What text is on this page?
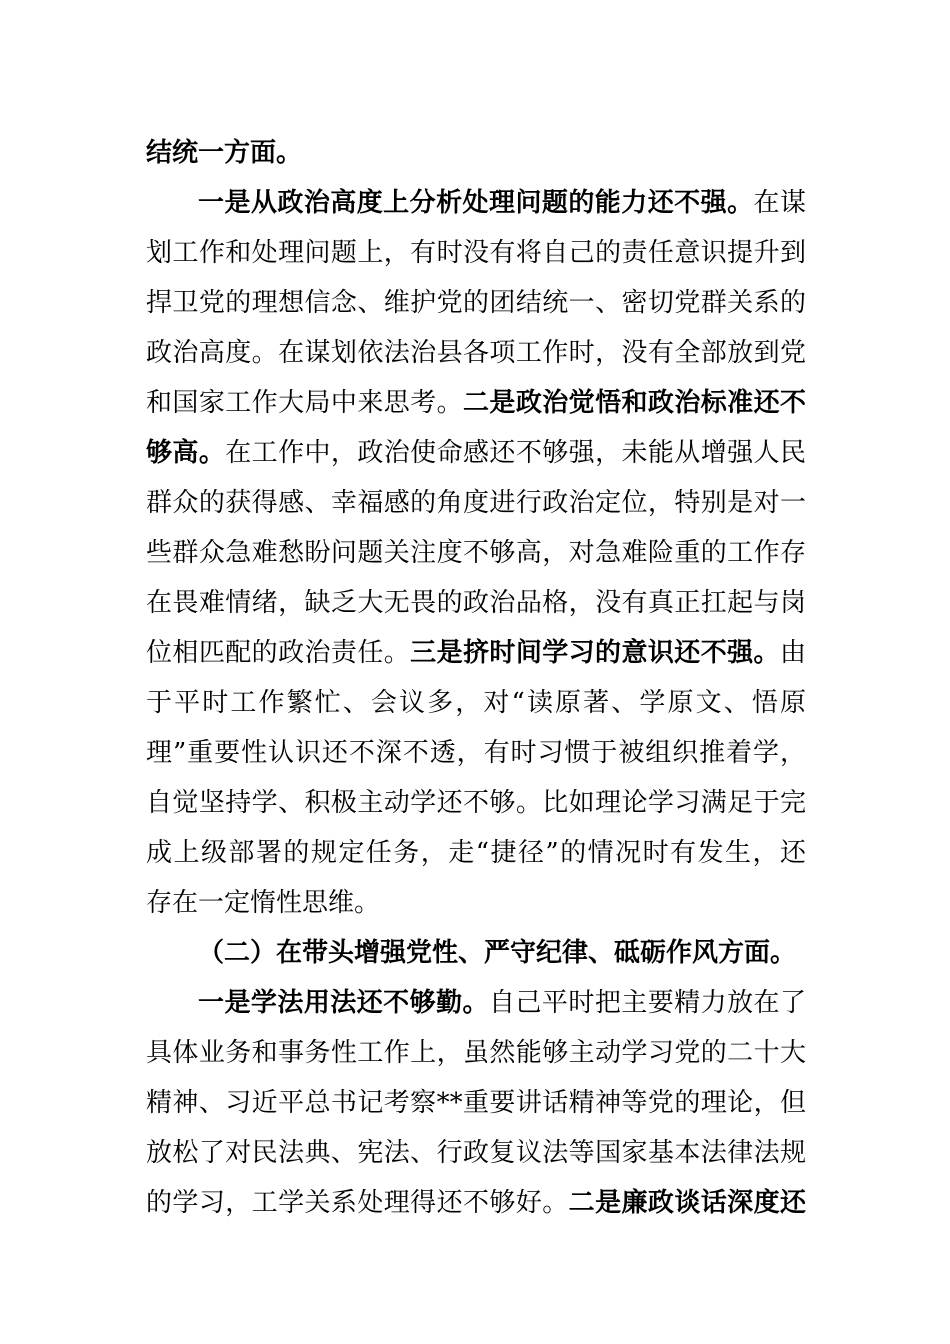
结统一方面。
一是从政治高度上分析处理问题的能力还不强。在谋
划工作和处理问题上，有时没有将自己的责任意识提升到
捍卫党的理想信念、维护党的团结统一、密切党群关系的
政治高度。在谋划依法治县各项工作时，没有全部放到党
和国家工作大局中来思考。二是政治觉悟和政治标准还不
够高。在工作中，政治使命感还不够强，未能从增强人民
群众的获得感、幸福感的角度进行政治定位，特别是对一
些群众急难愁盼问题关注度不够高，对急难险重的工作存
在畏难情绪，缺乏大无畏的政治品格，没有真正扛起与岗
位相匹配的政治责任。三是挤时间学习的意识还不强。由
于平时工作繁忙、会议多，对“读原著、学原文、悟原
理”重要性认识还不深不透，有时习惯于被组织推着学，
自觉坚持学、积极主动学还不够。比如理论学习满足于完
成上级部署的规定任务，走“捷径”的情况时有发生，还
存在一定惰性思维。
（二）在带头增强党性、严守纪律、砥砺作风方面。
一是学法用法还不够勤。自己平时把主要精力放在了
具体业务和事务性工作上，虽然能够主动学习党的二十大
精神、习近平总书记考察**重要讲话精神等党的理论，但
放松了对民法典、宪法、行政复议法等国家基本法律法规
的学习，工学关系处理得还不够好。二是廉政谈话深度还
